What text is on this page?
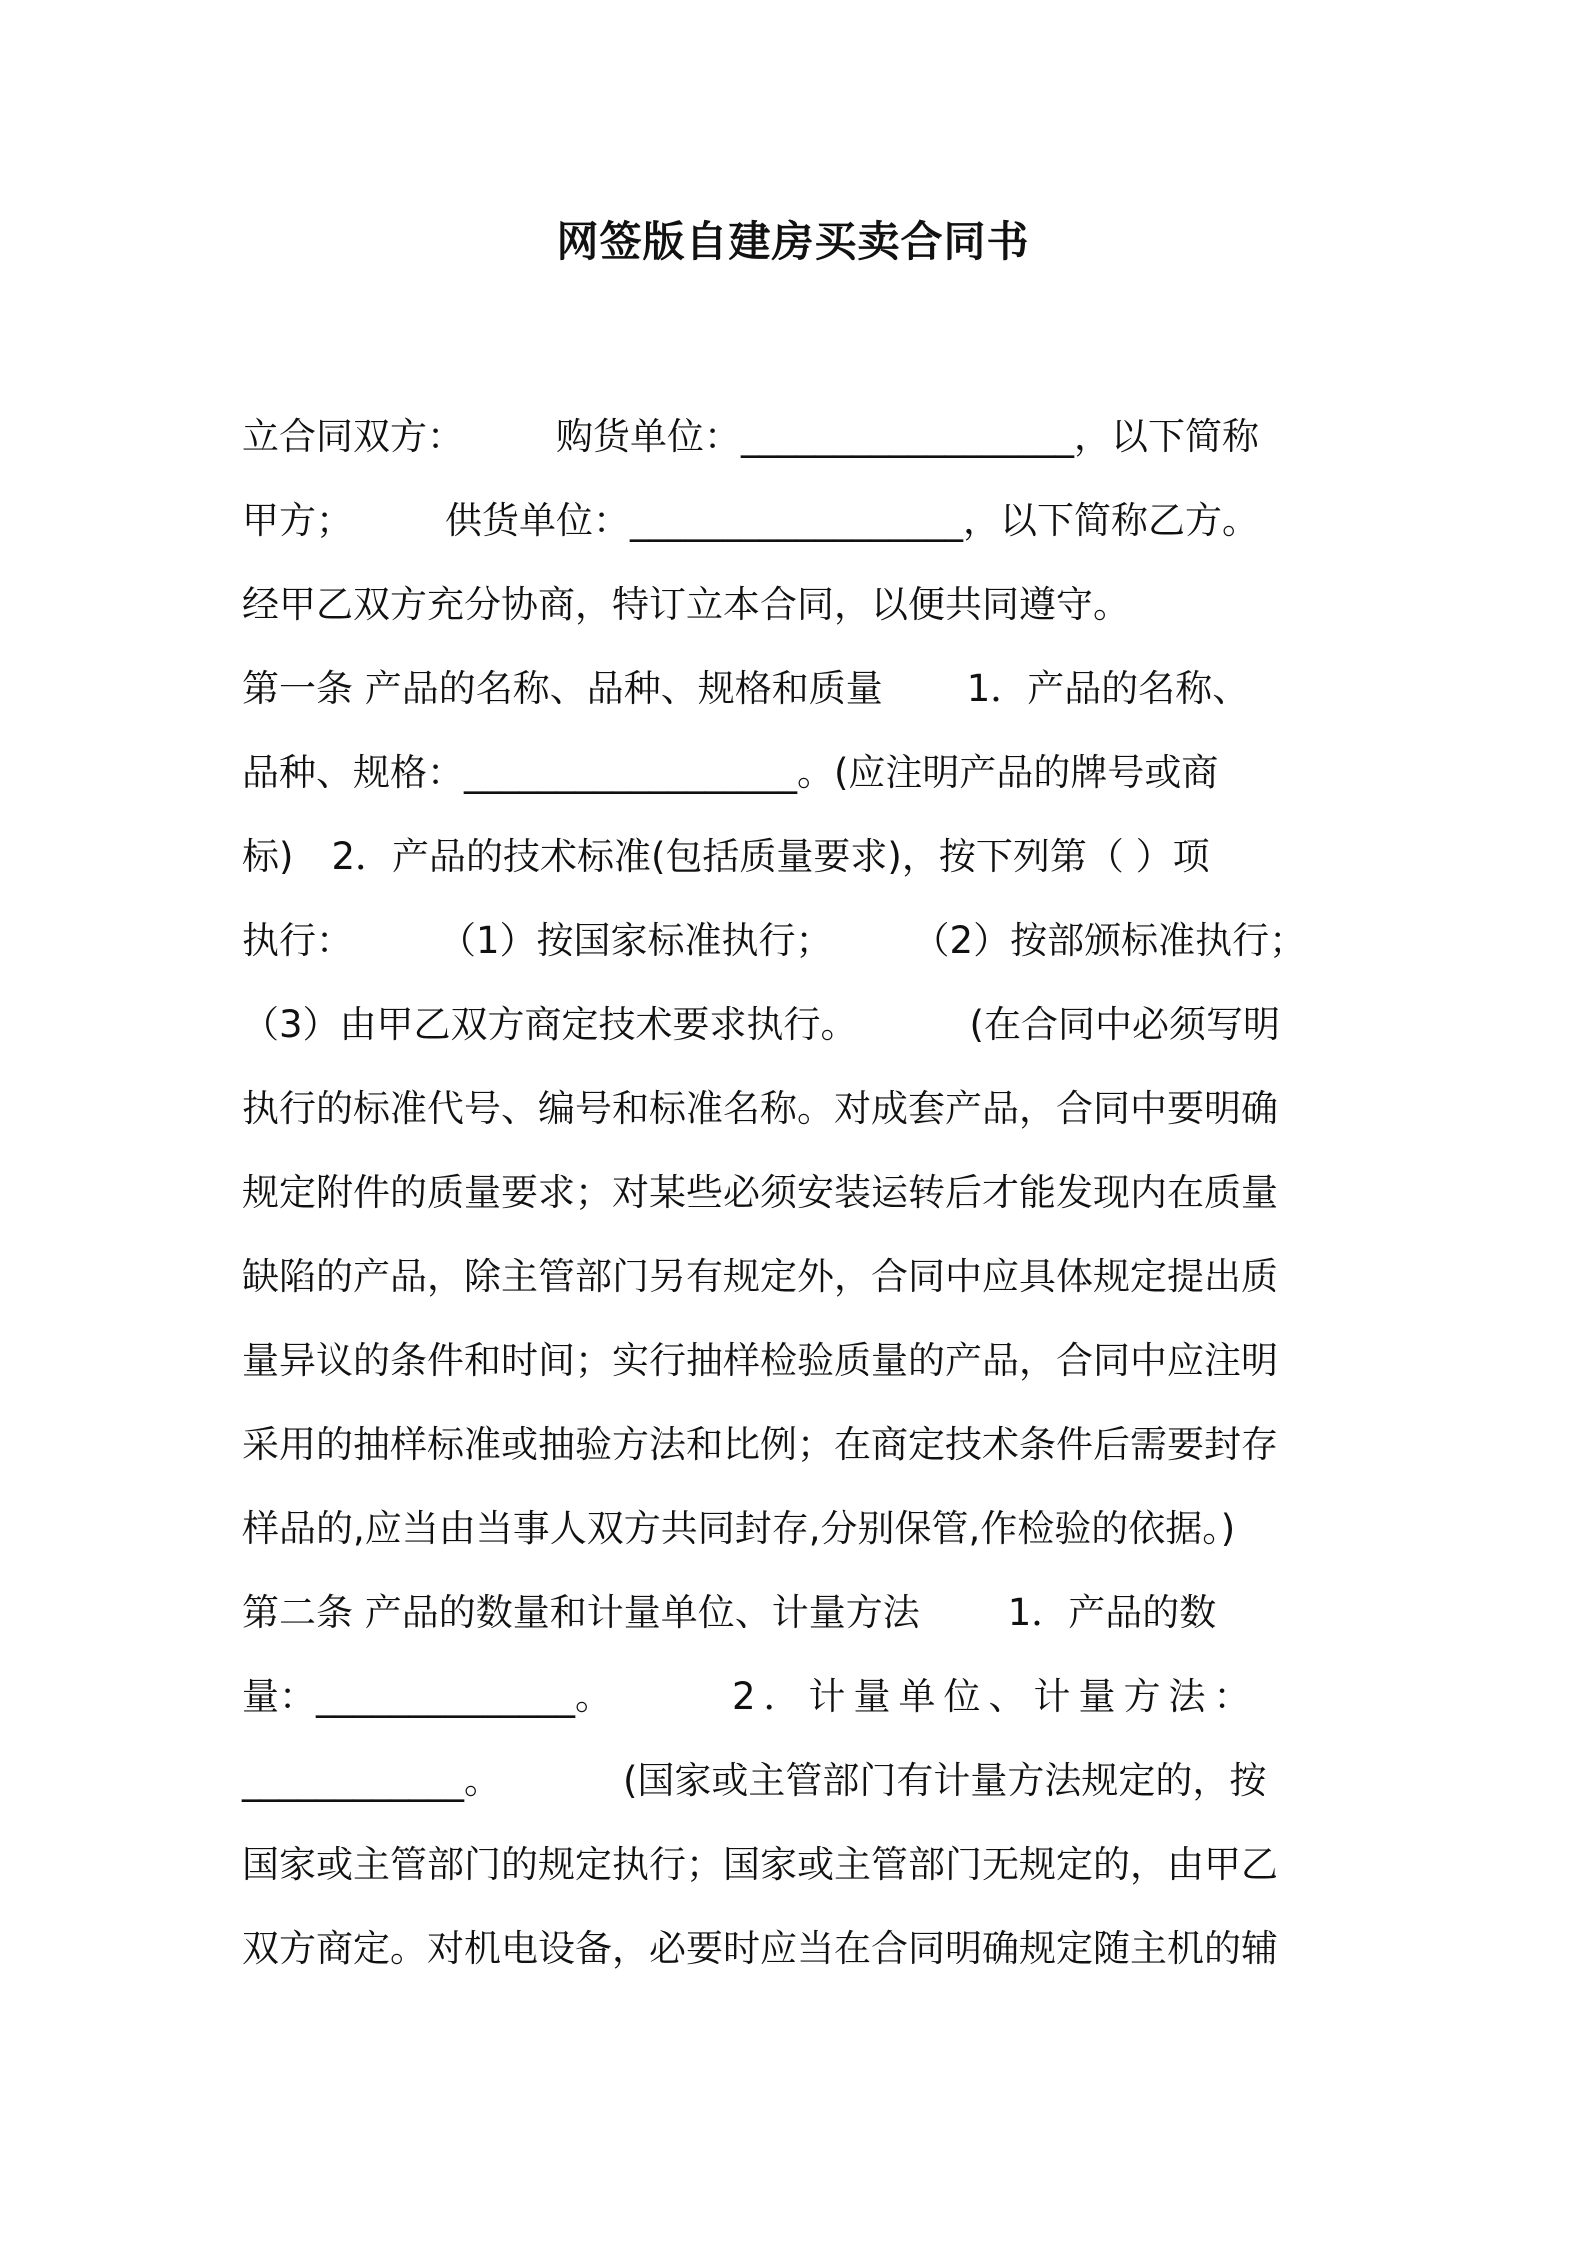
网签版自建房买卖合同书
立合同双方： 购货单位：__________________，以下简称
甲方； 供货单位：__________________，以下简称乙方。
经甲乙双方充分协商，特订立本合同，以便共同遵守。
第一条 产品的名称、品种、规格和质量 1．产品的名称、
品种、规格：__________________。(应注明产品的牌号或商
标) 2．产品的技术标准(包括质量要求)，按下列第（ ）项
执行： （1）按国家标准执行； （2）按部颁标准执行；
（3）由甲乙双方商定技术要求执行。	(在合同中必须写明
执行的标准代号、编号和标准名称。对成套产品，合同中要明确
规定附件的质量要求；对某些必须安装运转后才能发现内在质量
缺陷的产品，除主管部门另有规定外，合同中应具体规定提出质
量异议的条件和时间；实行抽样检验质量的产品，合同中应注明
采用的抽样标准或抽验方法和比例；在商定技术条件后需要封存
样品的,应当由当事人双方共同封存,分别保管,作检验的依据。)
第二条 产品的数量和计量单位、计量方法 1．产品的数
量：______________。	2．计量单位、计量方法：
____________。	(国家或主管部门有计量方法规定的，按
国家或主管部门的规定执行；国家或主管部门无规定的，由甲乙
双方商定。对机电设备，必要时应当在合同明确规定随主机的辅
